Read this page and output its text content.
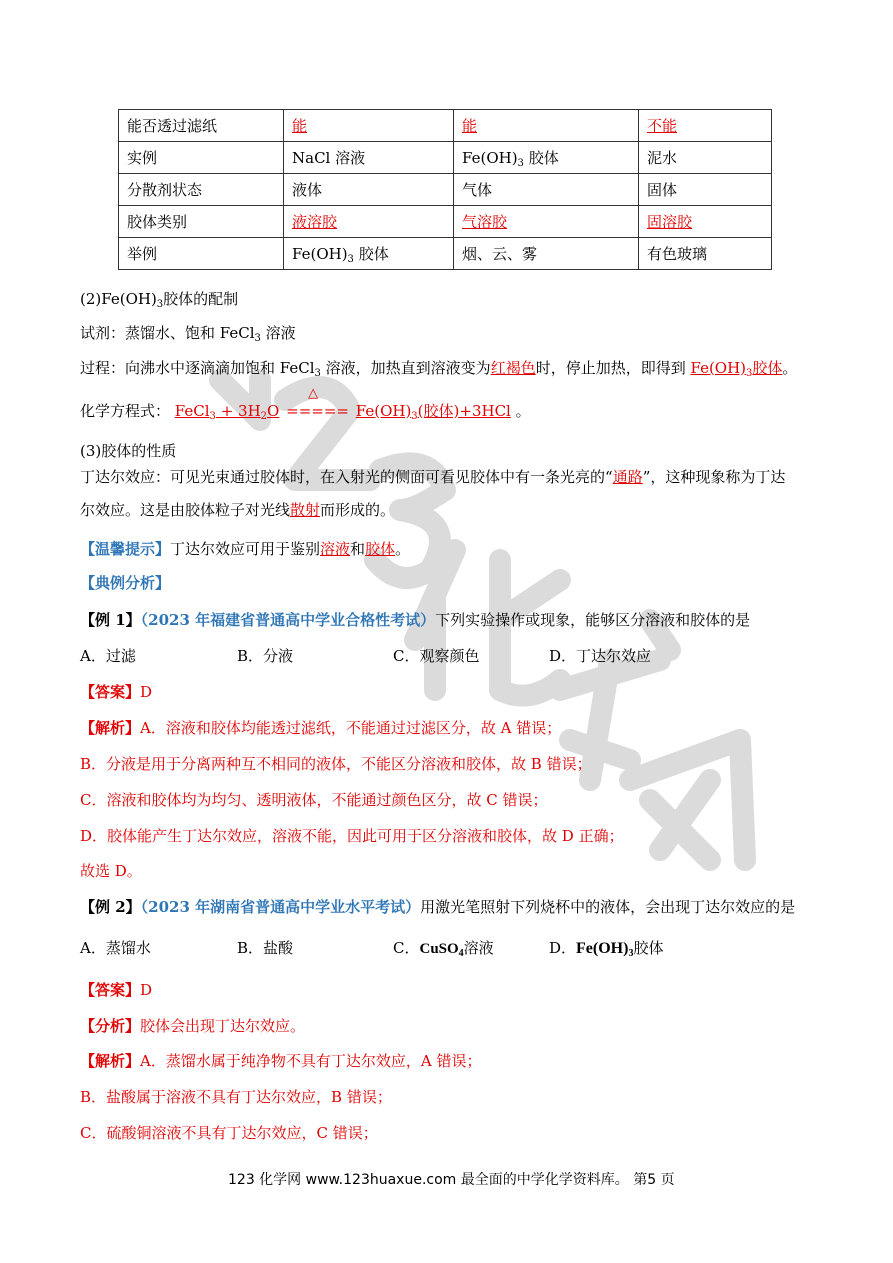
能否透过滤纸	能	能	不能
实例	NaCl 溶液	$Fe(OH)_3$ 胶体	泥水
分散剂状态	液体	气体	固体
胶体类别	液溶胶	气溶胶	固溶胶
举例	$Fe(OH)_3$ 胶体	烟、云、雾	有色玻璃
$(2)Fe(OH)_3$胶体的配制
试剂：蒸馏水、饱和 FeCl$_3$ 溶液
过程：向沸水中逐滴滴加饱和 FeCl$_3$ 溶液，加热直到溶液变为红褐色时，停止加热，即得到 $Fe(OH)_3$胶体。
化学方程式： FeCl$_3$ + $3H_2O$
△
===== $Fe(OH)_3$(胶体)+3HCl 。
(3)胶体的性质
丁达尔效应：可见光束通过胶体时，在入射光的侧面可看见胶体中有一条光亮的“通路”，这种现象称为丁达
尔效应。这是由胶体粒子对光线散射而形成的。
【温馨提示】丁达尔效应可用于鉴别溶液和胶体。
【典例分析】
【例 1】（2023 年福建省普通高中学业合格性考试）下列实验操作或现象，能够区分溶液和胶体的是
A．过滤	B．分液	C．观察颜色	D．丁达尔效应
【答案】D
【解析】A．溶液和胶体均能透过滤纸，不能通过过滤区分，故 A 错误；
B．分液是用于分离两种互不相同的液体，不能区分溶液和胶体，故 B 错误；
C．溶液和胶体均为均匀、透明液体，不能通过颜色区分，故 C 错误；
D．胶体能产生丁达尔效应，溶液不能，因此可用于区分溶液和胶体，故 D 正确；
故选 D。
【例 2】（2023 年湖南省普通高中学业水平考试）用激光笔照射下列烧杯中的液体，会出现丁达尔效应的是
A．蒸馏水	B．盐酸	C．CuSO$_4$溶液	D．$Fe(OH)_3$胶体
【答案】D
【分析】胶体会出现丁达尔效应。
【解析】A．蒸馏水属于纯净物不具有丁达尔效应，A 错误；
B．盐酸属于溶液不具有丁达尔效应，B 错误；
C．硫酸铜溶液不具有丁达尔效应，C 错误；
123 化学网 www.123huaxue.com 最全面的中学化学资料库。 第5 页
